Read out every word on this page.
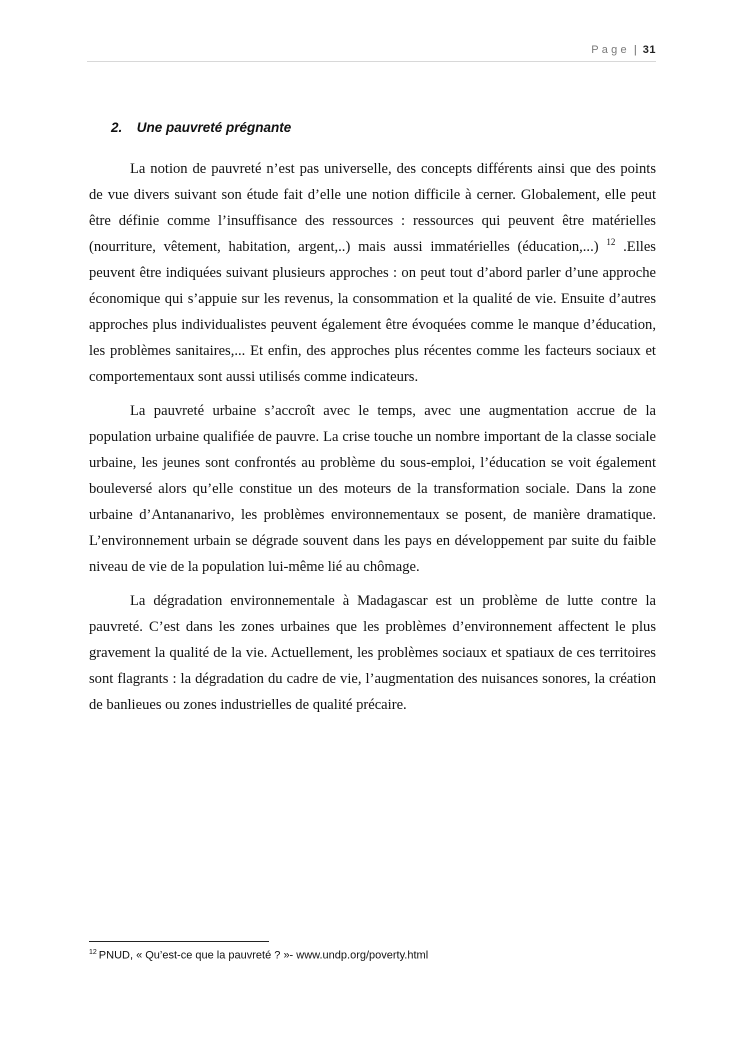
Page | 31
2. Une pauvreté prégnante

La notion de pauvreté n’est pas universelle, des concepts différents ainsi que des points de vue divers suivant son étude fait d’elle une notion difficile à cerner. Globalement, elle peut être définie comme l’insuffisance des ressources : ressources qui peuvent être matérielles (nourriture, vêtement, habitation, argent,..) mais aussi immatérielles (éducation,...) $^{12}$ .Elles peuvent être indiquées suivant plusieurs approches : on peut tout d’abord parler d’une approche économique qui s’appuie sur les revenus, la consommation et la qualité de vie. Ensuite d’autres approches plus individualistes peuvent également être évoquées comme le manque d’éducation, les problèmes sanitaires,... Et enfin, des approches plus récentes comme les facteurs sociaux et comportementaux sont aussi utilisés comme indicateurs.

La pauvreté urbaine s’accroît avec le temps, avec une augmentation accrue de la population urbaine qualifiée de pauvre. La crise touche un nombre important de la classe sociale urbaine, les jeunes sont confrontés au problème du sous-emploi, l’éducation se voit également bouleversé alors qu’elle constitue un des moteurs de la transformation sociale. Dans la zone urbaine d’Antananarivo, les problèmes environnementaux se posent, de manière dramatique. L’environnement urbain se dégrade souvent dans les pays en développement par suite du faible niveau de vie de la population lui-même lié au chômage.

La dégradation environnementale à Madagascar est un problème de lutte contre la pauvreté. C’est dans les zones urbaines que les problèmes d’environnement affectent le plus gravement la qualité de la vie. Actuellement, les problèmes sociaux et spatiaux de ces territoires sont flagrants : la dégradation du cadre de vie, l’augmentation des nuisances sonores, la création de banlieues ou zones industrielles de qualité précaire.

$^{12}$ PNUD, « Qu’est-ce que la pauvreté ? »- www.undp.org/poverty.html
